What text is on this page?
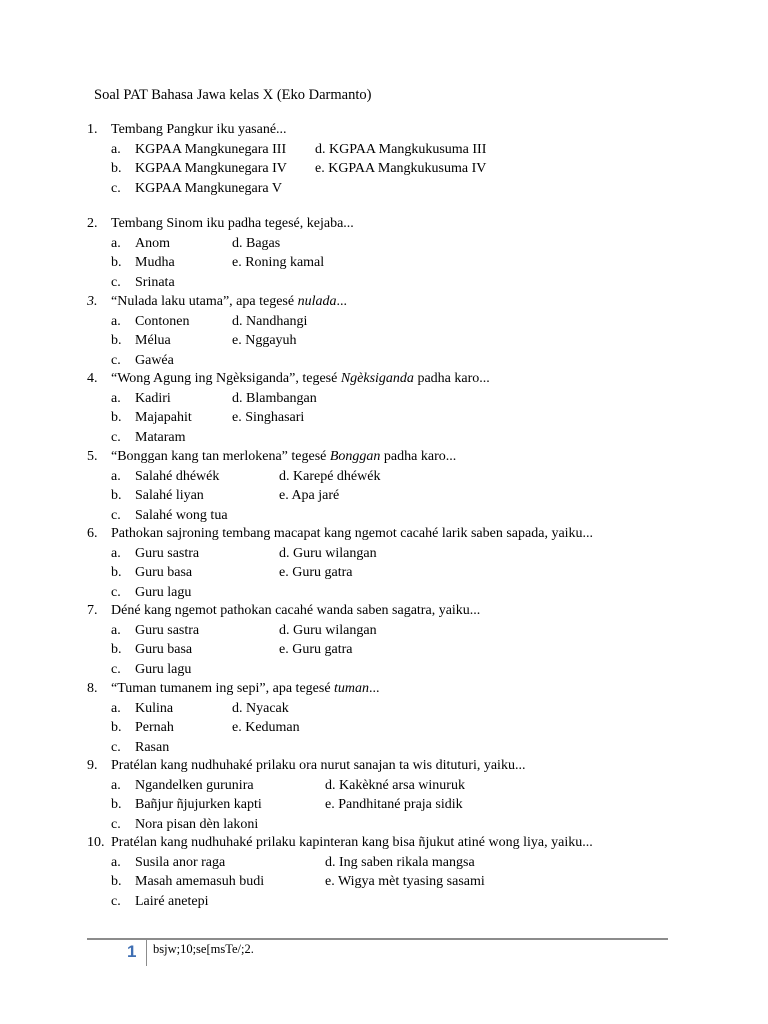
Soal PAT Bahasa Jawa kelas X (Eko Darmanto)
1. Tembang Pangkur iku yasané...
a.	KGPAA Mangkunegara III	d. KGPAA Mangkukusuma III
b. KGPAA Mangkunegara IV	e. KGPAA Mangkukusuma IV
c.	KGPAA Mangkunegara V
2. Tembang Sinom iku padha tegesé, kejaba...
a.	Anom	d. Bagas
b. Mudha	e. Roning kamal
c.	Srinata
3. “Nulada laku utama”, apa tegesé nulada...
a.	Contonen	d. Nandhangi
b. Mélua	e. Nggayuh
c.	Gawéa
4. “Wong Agung ing Ngèksiganda”, tegesé Ngèksiganda padha karo...
a.	Kadiri	d. Blambangan
b. Majapahit	e. Singhasari
c.	Mataram
5. “Bonggan kang tan merlokena” tegesé Bonggan padha karo...
a.	Salahé dhéwék	d. Karepé dhéwék
b. Salahé liyan	e. Apa jaré
c.	Salahé wong tua
6. Pathokan sajroning tembang macapat kang ngemot cacahé larik saben sapada, yaiku...
a.	Guru sastra	d. Guru wilangan
b. Guru basa	e. Guru gatra
c.	Guru lagu
7. Déné kang ngemot pathokan cacahé wanda saben sagatra, yaiku...
a.	Guru sastra	d. Guru wilangan
b. Guru basa	e. Guru gatra
c.	Guru lagu
8. “Tuman tumanem ing sepi”, apa tegesé tuman...
a.	Kulina	d. Nyacak
b. Pernah	e. Keduman
c.	Rasan
9. Pratélan kang nudhuhaké prilaku ora nurut sanajan ta wis dituturi, yaiku...
a.	Ngandelken gurunira	d. Kakèkné arsa winuruk
b. Bañjur ñjujurken kapti	e. Pandhitané praja sidik
c.	Nora pisan dèn lakoni
10. Pratélan kang nudhuhaké prilaku kapinteran kang bisa ñjukut atiné wong liya, yaiku...
a.	Susila anor raga	d. Ing saben rikala mangsa
b. Masah amemasuh budi	e. Wigya mèt tyasing sasami
c.	Lairé anetepi
1 bsjw;10;se[msTe/;2.
